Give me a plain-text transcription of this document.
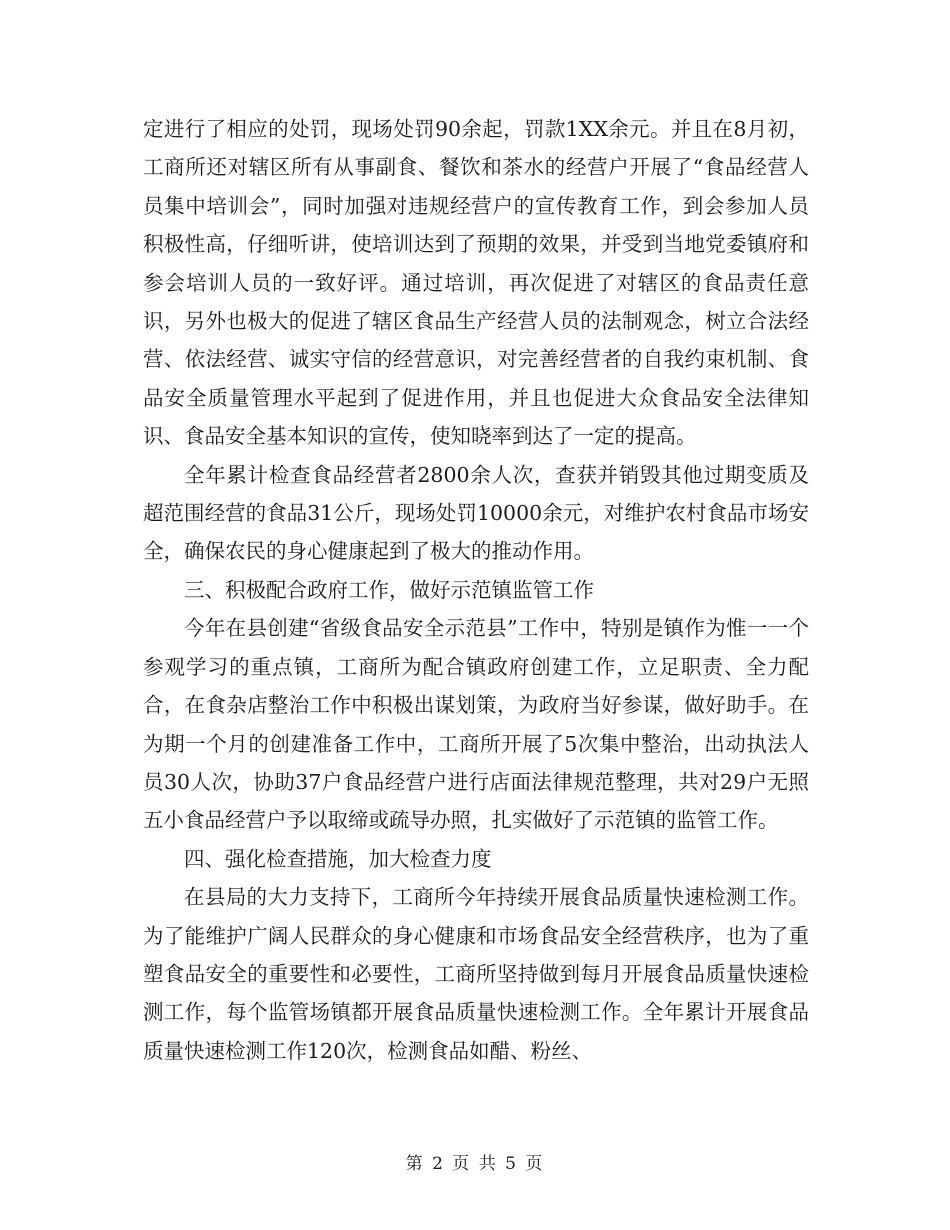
定进行了相应的处罚，现场处罚90余起，罚款1XX余元。并且在8月初，工商所还对辖区所有从事副食、餐饮和茶水的经营户开展了“食品经营人员集中培训会”，同时加强对违规经营户的宣传教育工作，到会参加人员积极性高，仔细听讲，使培训达到了预期的效果，并受到当地党委镇府和参会培训人员的一致好评。通过培训，再次促进了对辖区的食品责任意识，另外也极大的促进了辖区食品生产经营人员的法制观念，树立合法经营、依法经营、诚实守信的经营意识，对完善经营者的自我约束机制、食品安全质量管理水平起到了促进作用，并且也促进大众食品安全法律知识、食品安全基本知识的宣传，使知晓率到达了一定的提高。

全年累计检查食品经营者2800余人次，查获并销毁其他过期变质及超范围经营的食品31公斤，现场处罚10000余元，对维护农村食品市场安全，确保农民的身心健康起到了极大的推动作用。

三、积极配合政府工作，做好示范镇监管工作

今年在县创建“省级食品安全示范县”工作中，特别是镇作为惟一一个参观学习的重点镇，工商所为配合镇政府创建工作，立足职责、全力配合，在食杂店整治工作中积极出谋划策，为政府当好参谋，做好助手。在为期一个月的创建准备工作中，工商所开展了5次集中整治，出动执法人员30人次，协助37户食品经营户进行店面法律规范整理，共对29户无照五小食品经营户予以取缔或疏导办照，扎实做好了示范镇的监管工作。

四、强化检查措施，加大检查力度

在县局的大力支持下，工商所今年持续开展食品质量快速检测工作。为了能维护广阔人民群众的身心健康和市场食品安全经营秩序，也为了重塑食品安全的重要性和必要性，工商所坚持做到每月开展食品质量快速检测工作，每个监管场镇都开展食品质量快速检测工作。全年累计开展食品质量快速检测工作120次，检测食品如醋、粉丝、

第 2 页 共 5 页
